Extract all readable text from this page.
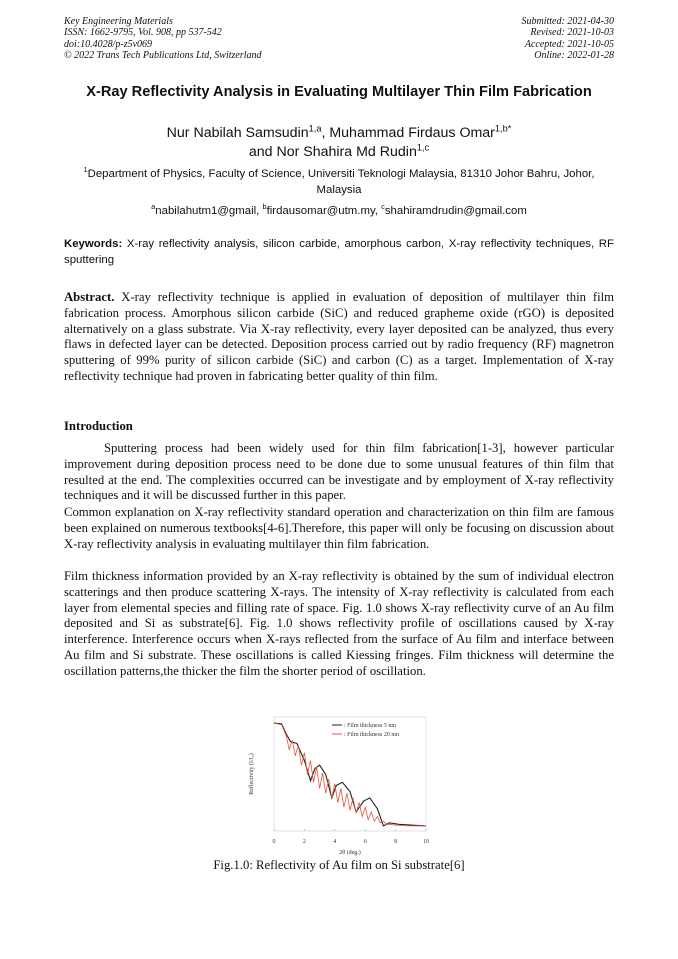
Key Engineering Materials
ISSN: 1662-9795, Vol. 908, pp 537-542
doi:10.4028/p-z5v069
© 2022 Trans Tech Publications Ltd, Switzerland
Submitted: 2021-04-30
Revised: 2021-10-03
Accepted: 2021-10-05
Online: 2022-01-28
X-Ray Reflectivity Analysis in Evaluating Multilayer Thin Film Fabrication
Nur Nabilah Samsudin$^{1,a}$, Muhammad Firdaus Omar$^{1,b*}$
and Nor Shahira Md Rudin$^{1,c}$
$^1$Department of Physics, Faculty of Science, Universiti Teknologi Malaysia, 81310 Johor Bahru, Johor, Malaysia
$^a$nabilahutm1@gmail, $^b$firdausomar@utm.my, $^c$shahiramdrudin@gmail.com
Keywords: X-ray reflectivity analysis, silicon carbide, amorphous carbon, X-ray reflectivity techniques, RF sputtering
Abstract. X-ray reflectivity technique is applied in evaluation of deposition of multilayer thin film fabrication process. Amorphous silicon carbide (SiC) and reduced grapheme oxide (rGO) is deposited alternatively on a glass substrate. Via X-ray reflectivity, every layer deposited can be analyzed, thus every flaws in defected layer can be detected. Deposition process carried out by radio frequency (RF) magnetron sputtering of 99% purity of silicon carbide (SiC) and carbon (C) as a target. Implementation of X-ray reflectivity technique had proven in fabricating better quality of thin film.
Introduction
Sputtering process had been widely used for thin film fabrication[1-3], however particular improvement during deposition process need to be done due to some unusual features of thin film that resulted at the end. The complexities occurred can be investigate and by employment of X-ray reflectivity techniques and it will be discussed further in this paper.
Common explanation on X-ray reflectivity standard operation and characterization on thin film are famous been explained on numerous textbooks[4-6].Therefore, this paper will only be focusing on discussion about X-ray reflectivity analysis in evaluating multilayer thin film fabrication.
Film thickness information provided by an X-ray reflectivity is obtained by the sum of individual electron scatterings and then produce scattering X-rays. The intensity of X-ray reflectivity is calculated from each layer from elemental species and filling rate of space. Fig. 1.0 shows X-ray reflectivity curve of an Au film deposited and Si as substrate[6]. Fig. 1.0 shows reflectivity profile of oscillations caused by X-ray interference. Interference occurs when X-rays reflected from the surface of Au film and interface between Au film and Si substrate. These oscillations is called Kiessing fringes. Film thickness will determine the oscillation patterns,the thicker the film the shorter period of oscillation.
0	2	4	6	8	10
: Film thickness 5 nm
: Film thickness 20 nm
2θ (deg.)
Reflectivity (I/I₀)
Fig.1.0: Reflectivity of Au film on Si substrate[6]
